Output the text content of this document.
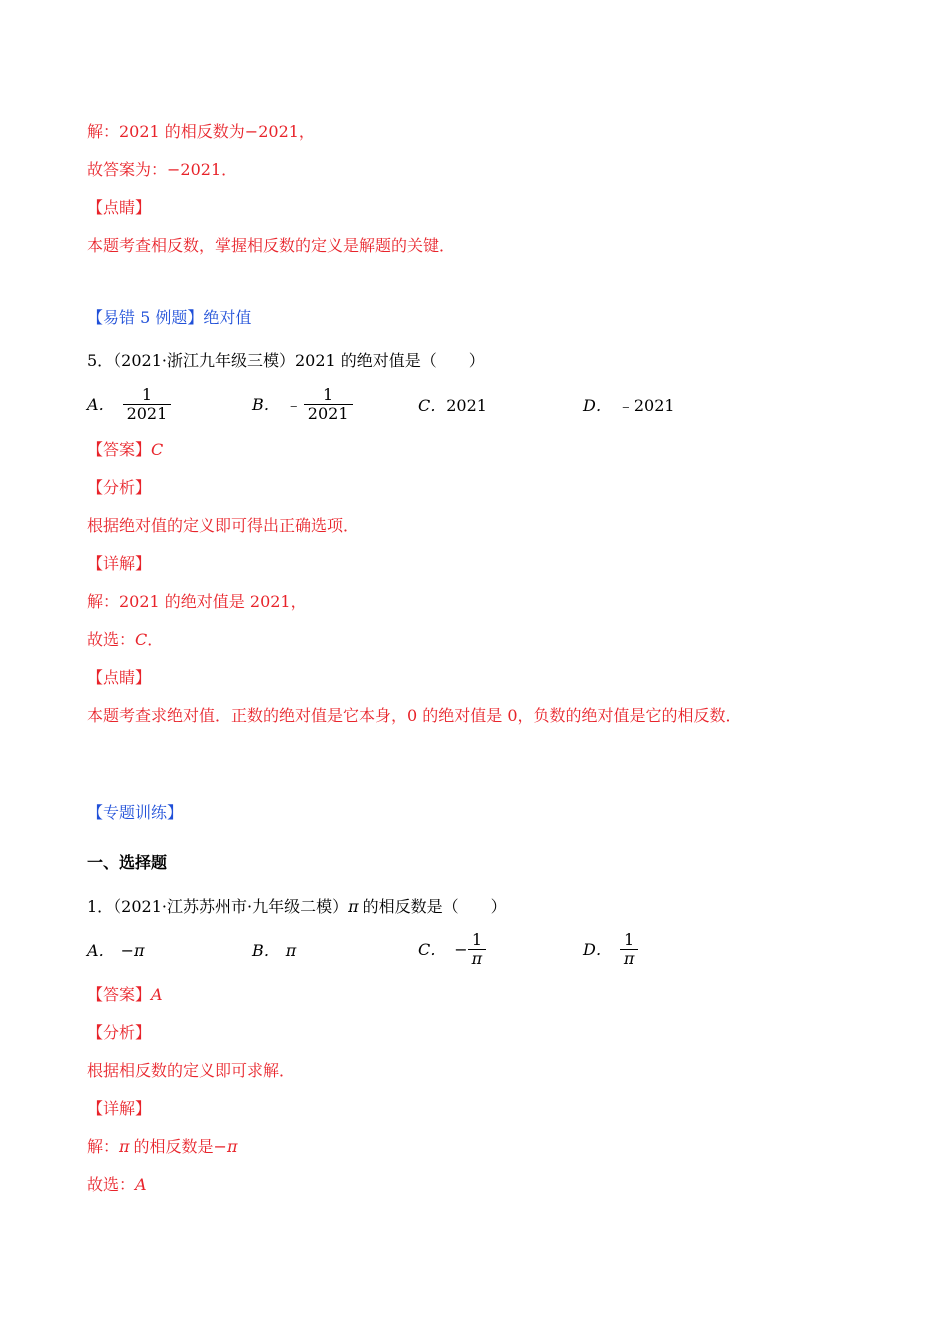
解：2021 的相反数为−2021，
故答案为：−2021．
【点睛】
本题考查相反数，掌握相反数的定义是解题的关键．
【易错 5 例题】绝对值
5．（2021·浙江九年级三模）2021 的绝对值是（　　）
A． $\frac{1}{2021}$	B． ﹣ $\frac{1}{2021}$	C． 2021	D． ﹣2021
【答案】C
【分析】
根据绝对值的定义即可得出正确选项．
【详解】
解：2021 的绝对值是 2021，
故选：C．
【点睛】
本题考查求绝对值．正数的绝对值是它本身，0 的绝对值是 0，负数的绝对值是它的相反数．
【专题训练】
一、选择题
1．（2021·江苏苏州市·九年级二模）π 的相反数是（　　）
A． −π	B． π	C． − $\frac{1}{\pi}$	D． $\frac{1}{\pi}$
【答案】A
【分析】
根据相反数的定义即可求解．
【详解】
解：π 的相反数是−π
故选：A
